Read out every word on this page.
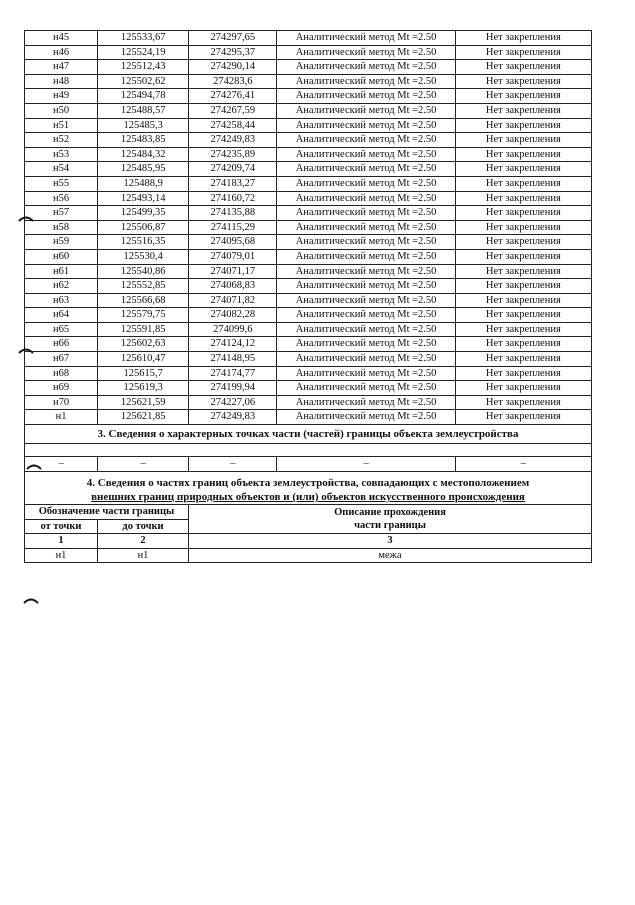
н45	125533,67	274297,65	Аналитический метод Mt =2.50	Нет закрепления
н46	125524,19	274295,37	Аналитический метод Mt =2.50	Нет закрепления
н47	125512,43	274290,14	Аналитический метод Mt =2.50	Нет закрепления
н48	125502,62	274283,6	Аналитический метод Mt =2.50	Нет закрепления
н49	125494,78	274276,41	Аналитический метод Mt =2.50	Нет закрепления
н50	125488,57	274267,59	Аналитический метод Mt =2.50	Нет закрепления
н51	125485,3	274258,44	Аналитический метод Mt =2.50	Нет закрепления
н52	125483,85	274249,83	Аналитический метод Mt =2.50	Нет закрепления
н53	125484,32	274235,89	Аналитический метод Mt =2.50	Нет закрепления
н54	125485,95	274209,74	Аналитический метод Mt =2.50	Нет закрепления
н55	125488,9	274183,27	Аналитический метод Mt =2.50	Нет закрепления
н56	125493,14	274160,72	Аналитический метод Mt =2.50	Нет закрепления
н57	125499,35	274135,88	Аналитический метод Mt =2.50	Нет закрепления
н58	125506,87	274115,29	Аналитический метод Mt =2.50	Нет закрепления
н59	125516,35	274095,68	Аналитический метод Mt =2.50	Нет закрепления
н60	125530,4	274079,01	Аналитический метод Mt =2.50	Нет закрепления
н61	125540,86	274071,17	Аналитический метод Mt =2.50	Нет закрепления
н62	125552,85	274068,83	Аналитический метод Mt =2.50	Нет закрепления
н63	125566,68	274071,82	Аналитический метод Mt =2.50	Нет закрепления
н64	125579,75	274082,28	Аналитический метод Mt =2.50	Нет закрепления
н65	125591,85	274099,6	Аналитический метод Mt =2.50	Нет закрепления
н66	125602,63	274124,12	Аналитический метод Mt =2.50	Нет закрепления
н67	125610,47	274148,95	Аналитический метод Mt =2.50	Нет закрепления
н68	125615,7	274174,77	Аналитический метод Mt =2.50	Нет закрепления
н69	125619,3	274199,94	Аналитический метод Mt =2.50	Нет закрепления
н70	125621,59	274227,06	Аналитический метод Mt =2.50	Нет закрепления
н1	125621,85	274249,83	Аналитический метод Mt =2.50	Нет закрепления
3. Сведения о характерных точках части (частей) границы объекта землеустройства				

–	–	–	–	–
4. Сведения о частях границ объекта землеустройства, совпадающих с местоположением
внешних границ природных объектов и (или) объектов искусственного происхождения
Обозначение части границы		Описание прохождения
части границы

от точки	до точки	
1	2	3
н1	н1	межа
